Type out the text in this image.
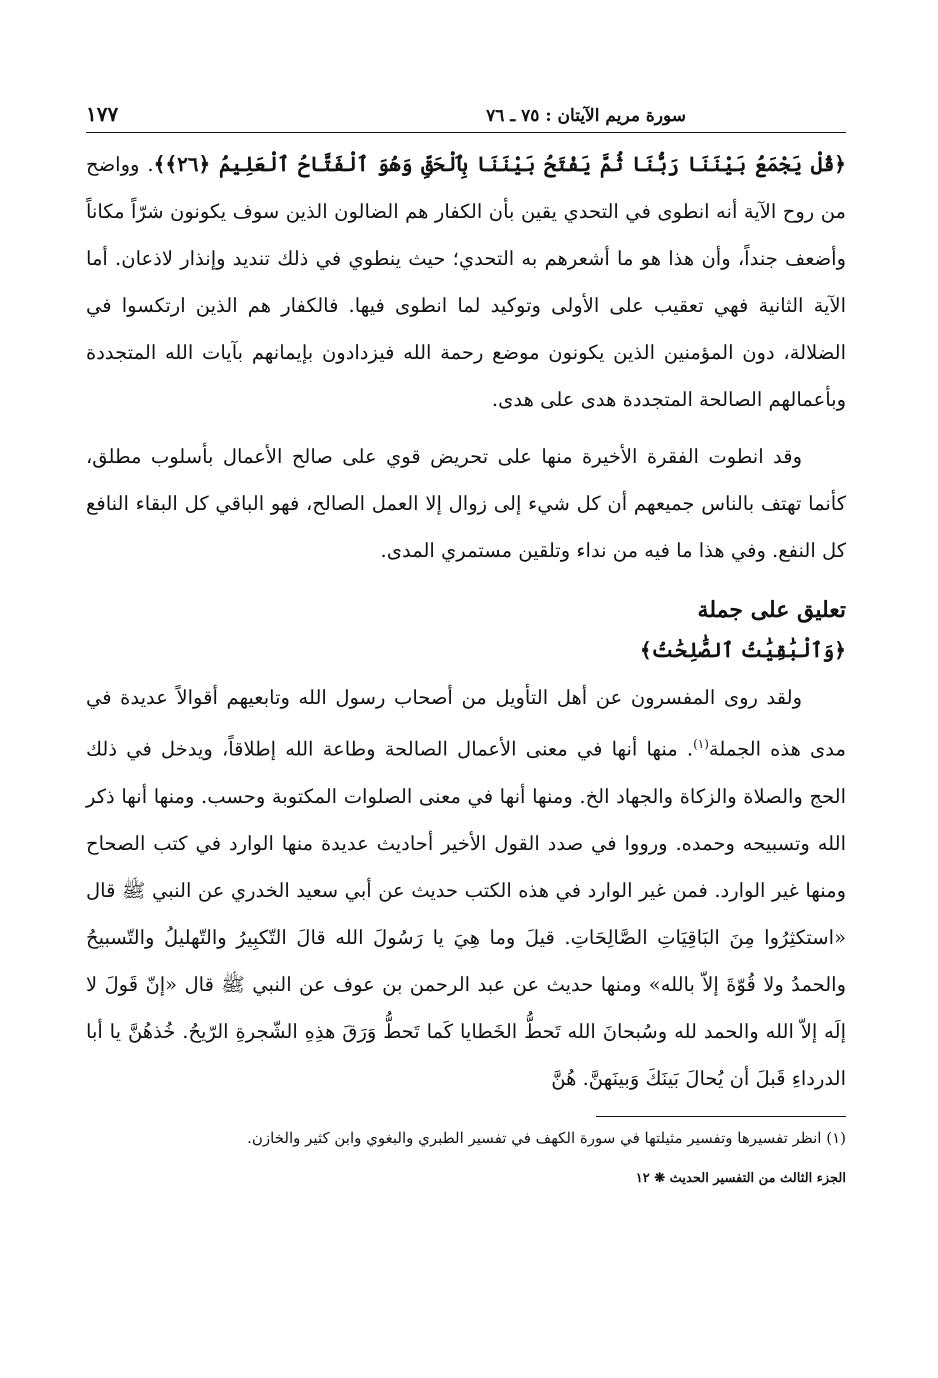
سورة مريم الآيتان : ٧٥ ـ ٧٦
١٧٧

﴿قُلْ يَجْمَعُ بَيْنَنَا رَبُّنَا ثُمَّ يَفْتَحُ بَيْنَنَا بِٱلْحَقِّ وَهُوَ ٱلْفَتَّاحُ ٱلْعَلِيمُ ﴿٢٦﴾﴾. وواضح من روح الآية أنه انطوى في التحدي يقين بأن الكفار هم الضالون الذين سوف يكونون شرّاً مكاناً وأضعف جنداً، وأن هذا هو ما أشعرهم به التحدي؛ حيث ينطوي في ذلك تنديد وإنذار لاذعان. أما الآية الثانية فهي تعقيب على الأولى وتوكيد لما انطوى فيها. فالكفار هم الذين ارتكسوا في الضلالة، دون المؤمنين الذين يكونون موضع رحمة الله فيزدادون بإيمانهم بآيات الله المتجددة وبأعمالهم الصالحة المتجددة هدى على هدى.

وقد انطوت الفقرة الأخيرة منها على تحريض قوي على صالح الأعمال بأسلوب مطلق، كأنما تهتف بالناس جميعهم أن كل شيء إلى زوال إلا العمل الصالح، فهو الباقي كل البقاء النافع كل النفع. وفي هذا ما فيه من نداء وتلقين مستمري المدى.

تعليق على جملة
﴿وَٱلْبَٰقِيَٰتُ ٱلصَّٰلِحَٰتُ﴾

ولقد روى المفسرون عن أهل التأويل من أصحاب رسول الله وتابعيهم أقوالاً عديدة في مدى هذه الجملة$^{(١)}$. منها أنها في معنى الأعمال الصالحة وطاعة الله إطلاقاً، ويدخل في ذلك الحج والصلاة والزكاة والجهاد الخ. ومنها أنها في معنى الصلوات المكتوبة وحسب. ومنها أنها ذكر الله وتسبيحه وحمده. ورووا في صدد القول الأخير أحاديث عديدة منها الوارد في كتب الصحاح ومنها غير الوارد. فمن غير الوارد في هذه الكتب حديث عن أبي سعيد الخدري عن النبي ﷺ قال «استكثِرُوا مِنَ البَاقِيَاتِ الصَّالِحَاتِ. قيلَ وما هِيَ يا رَسُولَ الله قالَ التّكبِيرُ والتّهليلُ والتّسبيحُ والحمدُ ولا قُوّةَ إلاّ بالله» ومنها حديث عن عبد الرحمن بن عوف عن النبي ﷺ قال «إنّ قَولَ لا إلَه إلاّ الله والحمد لله وسُبحانَ الله تَحطُّ الخَطايا كَما تَحطُّ وَرَقَ هذِهِ الشّجرةِ الرّيحُ. خُذهُنَّ يا أبا الدرداءِ قَبلَ أن يُحالَ بَينَكَ وَبينَهنَّ. هُنَّ

(١) انظر تفسيرها وتفسير مثيلتها في سورة الكهف في تفسير الطبري والبغوي وابن كثير والخازن.
الجزء الثالث من التفسير الحديث ❋ ١٢
